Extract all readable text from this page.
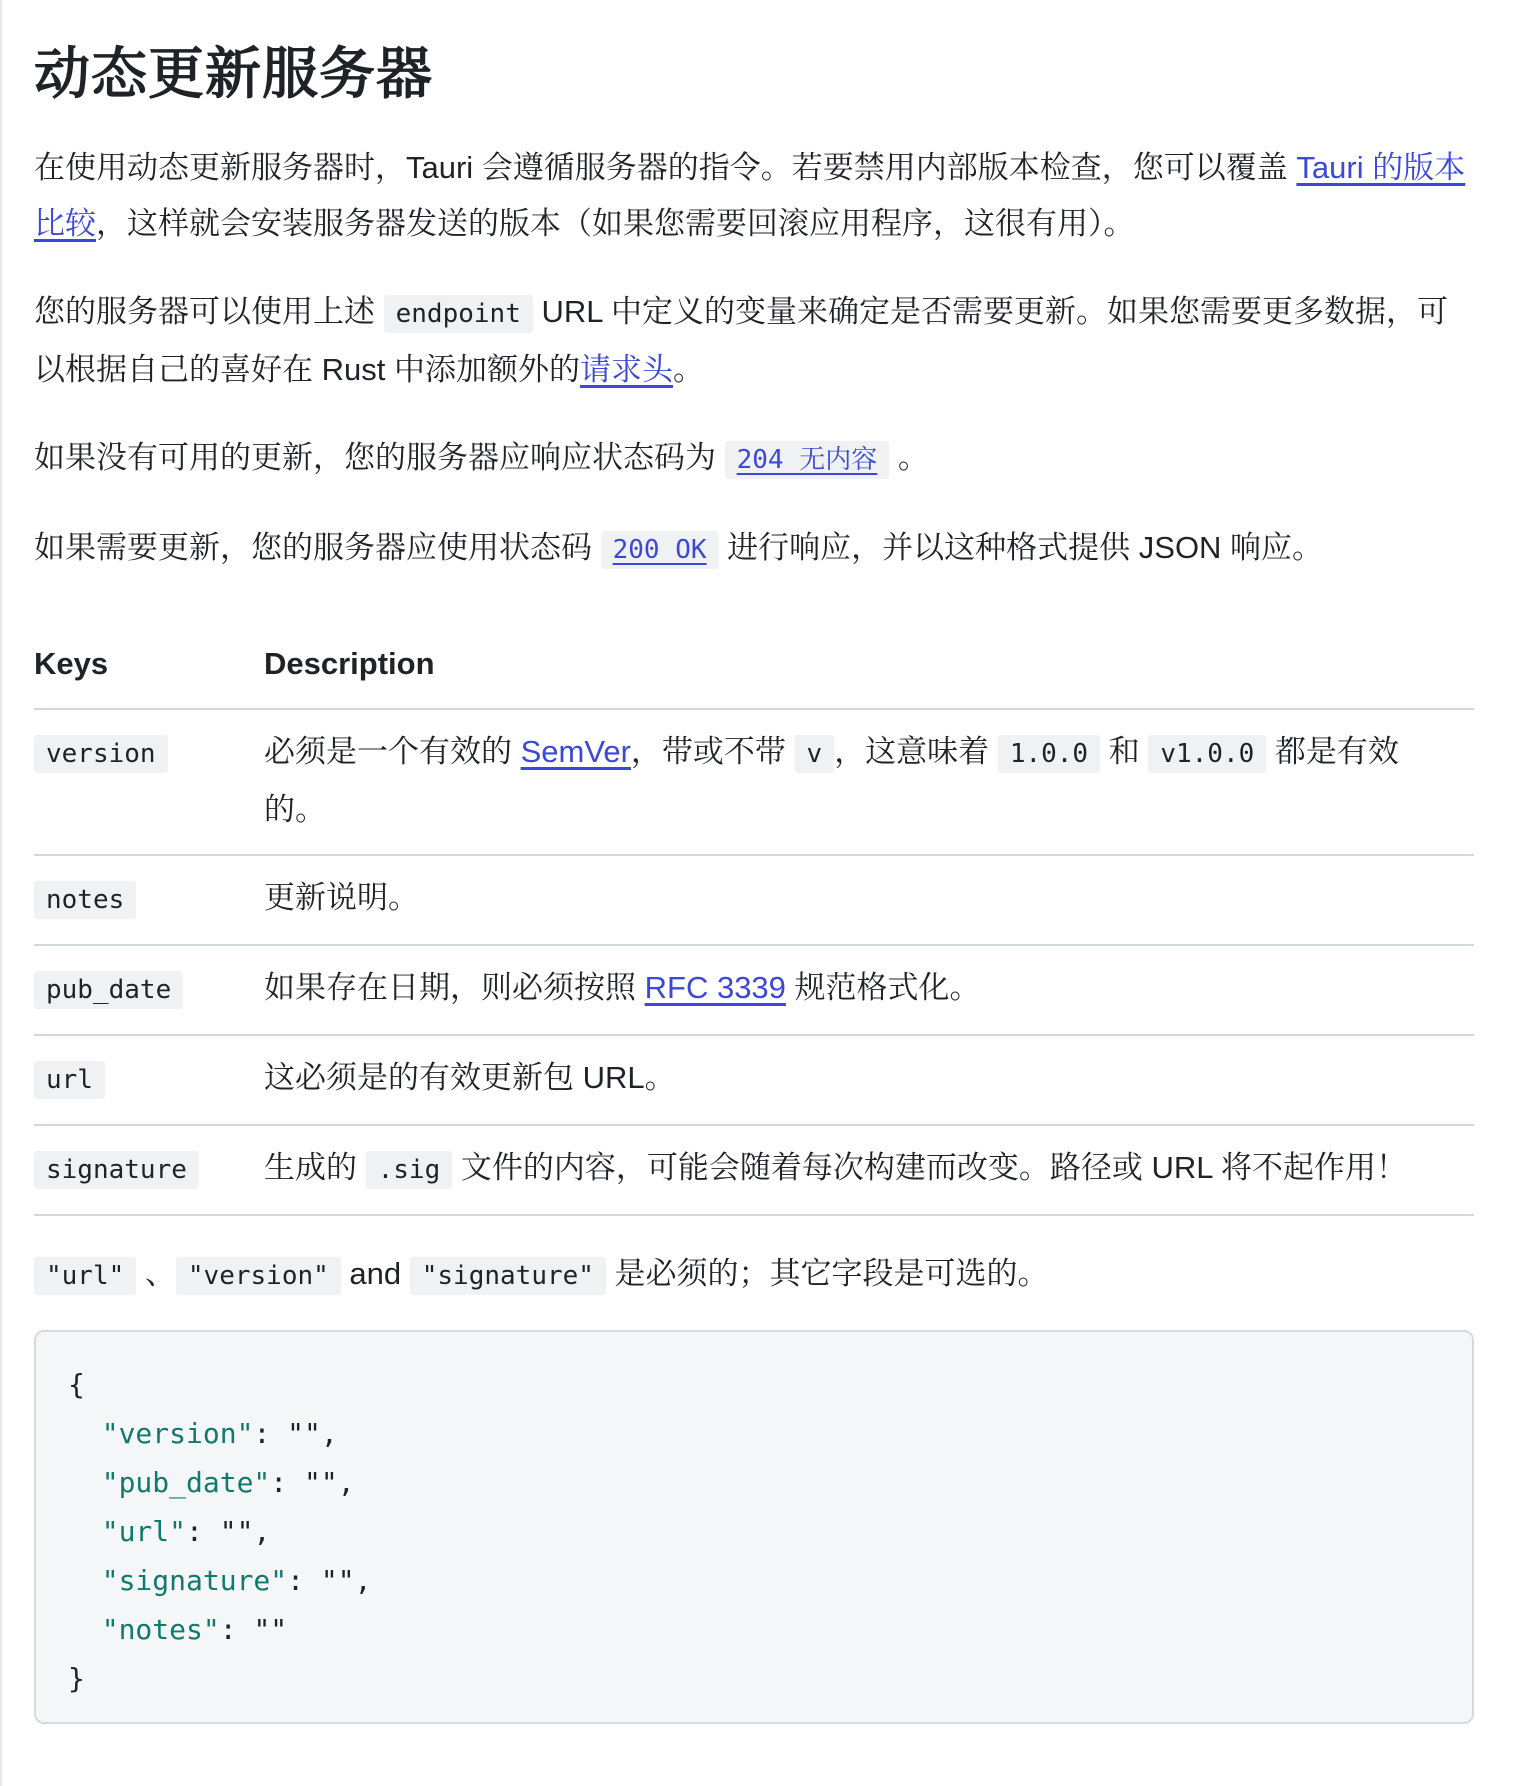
动态更新服务器

在使用动态更新服务器时，Tauri 会遵循服务器的指令。若要禁用内部版本检查，您可以覆盖 Tauri 的版本比较，这样就会安装服务器发送的版本（如果您需要回滚应用程序，这很有用）。

您的服务器可以使用上述 endpoint URL 中定义的变量来确定是否需要更新。如果您需要更多数据，可以根据自己的喜好在 Rust 中添加额外的请求头。

如果没有可用的更新，您的服务器应响应状态码为 204 无内容 。

如果需要更新，您的服务器应使用状态码 200 OK 进行响应，并以这种格式提供 JSON 响应。

Keys	Description
version	必须是一个有效的 SemVer，带或不带 v ，这意味着 1.0.0 和 v1.0.0 都是有效的。
notes	更新说明。
pub_date	如果存在日期，则必须按照 RFC 3339 规范格式化。
url	这必须是的有效更新包 URL。
signature	生成的 .sig 文件的内容，可能会随着每次构建而改变。路径或 URL 将不起作用！
"url" 、 "version" and "signature" 是必须的；其它字段是可选的。
{
"version": "",
"pub_date": "",
"url": "",
"signature": "",
"notes": ""
}
